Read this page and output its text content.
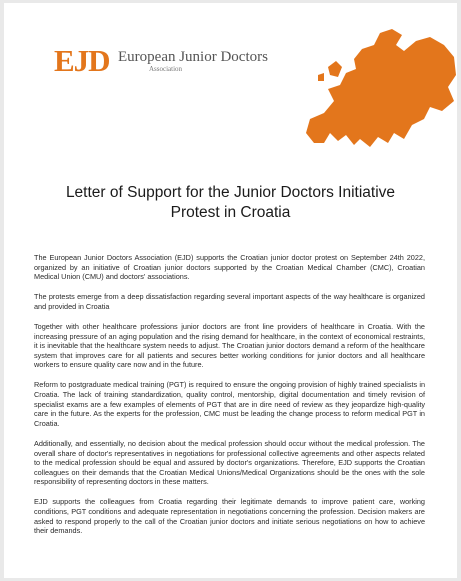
EJD European Junior Doctors
Association
Letter of Support for the Junior Doctors Initiative
Protest in Croatia

The European Junior Doctors Association (EJD) supports the Croatian junior doctor protest on September 24th 2022, organized by an initiative of Croatian junior doctors supported by the Croatian Medical Chamber (CMC), Croatian Medical Union (CMU) and doctors' associations.

The protests emerge from a deep dissatisfaction regarding several important aspects of the way healthcare is organized and provided in Croatia

Together with other healthcare professions junior doctors are front line providers of healthcare in Croatia. With the increasing pressure of an aging population and the rising demand for healthcare, in the context of economical restraints, it is inevitable that the healthcare system needs to adjust. The Croatian junior doctors demand a reform of the healthcare system that improves care for all patients and secures better working conditions for junior doctors and all healthcare workers to ensure quality care now and in the future.

Reform to postgraduate medical training (PGT) is required to ensure the ongoing provision of highly trained specialists in Croatia. The lack of training standardization, quality control, mentorship, digital documentation and timely revision of specialist exams are a few examples of elements of PGT that are in dire need of review as they jeopardize high-quality care in the future. As the experts for the profession, CMC must be leading the change process to reform medical PGT in Croatia.

Additionally, and essentially, no decision about the medical profession should occur without the medical profession. The overall share of doctor's representatives in negotiations for professional collective agreements and other aspects related to the medical profession should be equal and assured by doctor's organizations. Therefore, EJD supports the Croatian colleagues on their demands that the Croatian Medical Unions/Medical Organizations should be the ones with the sole responsibility of representing doctors in these matters.

EJD supports the colleagues from Croatia regarding their legitimate demands to improve patient care, working conditions, PGT conditions and adequate representation in negotiations concerning the profession. Decision makers are asked to respond properly to the call of the Croatian junior doctors and initiate serious negotiations on how to achieve their demands.
